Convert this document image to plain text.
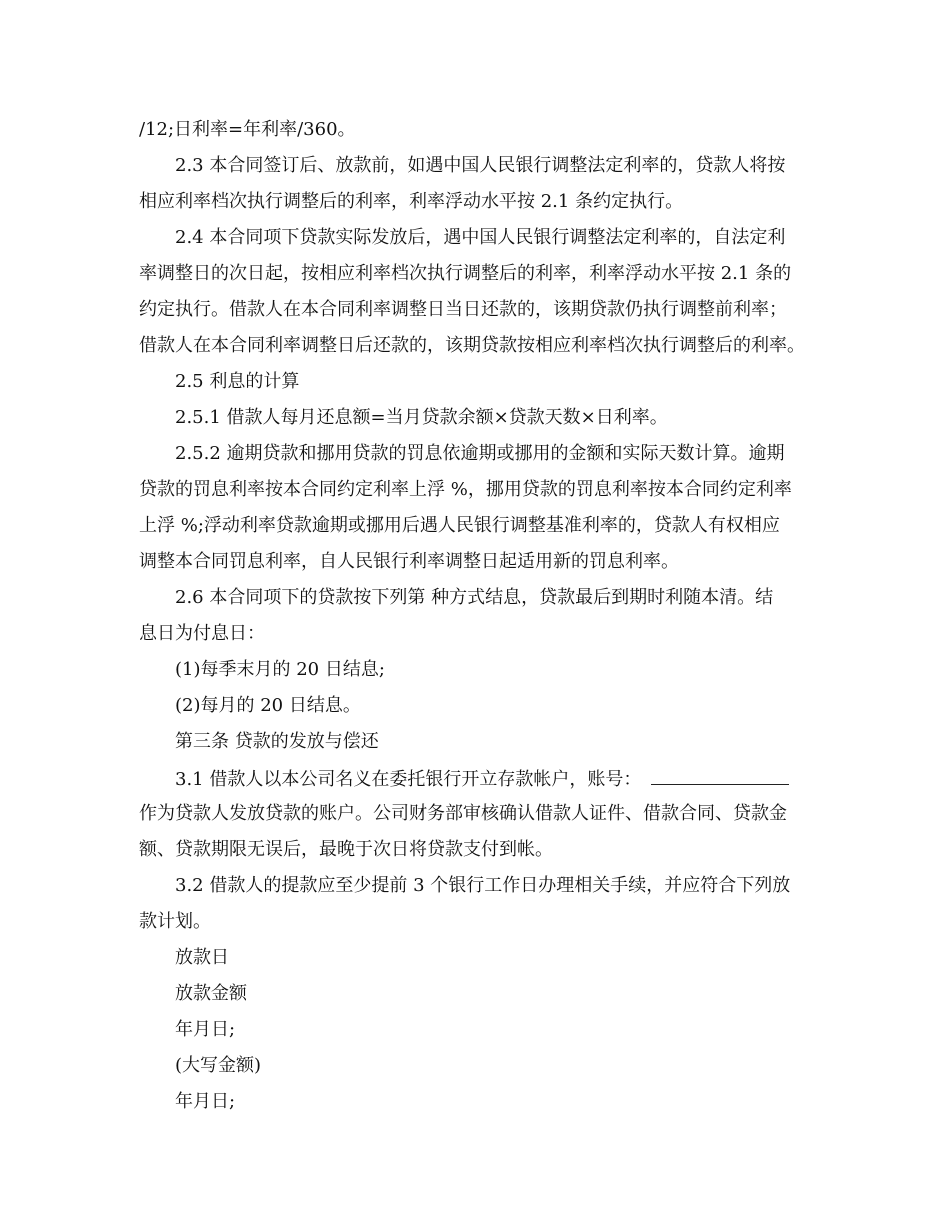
/12;日利率=年利率/360。
2.3 本合同签订后、放款前，如遇中国人民银行调整法定利率的，贷款人将按
相应利率档次执行调整后的利率，利率浮动水平按 2.1 条约定执行。
2.4 本合同项下贷款实际发放后，遇中国人民银行调整法定利率的，自法定利
率调整日的次日起，按相应利率档次执行调整后的利率，利率浮动水平按 2.1 条的
约定执行。借款人在本合同利率调整日当日还款的，该期贷款仍执行调整前利率；
借款人在本合同利率调整日后还款的，该期贷款按相应利率档次执行调整后的利率。
2.5 利息的计算
2.5.1 借款人每月还息额=当月贷款余额×贷款天数×日利率。
2.5.2 逾期贷款和挪用贷款的罚息依逾期或挪用的金额和实际天数计算。逾期
贷款的罚息利率按本合同约定利率上浮 %，挪用贷款的罚息利率按本合同约定利率
上浮 %;浮动利率贷款逾期或挪用后遇人民银行调整基准利率的，贷款人有权相应
调整本合同罚息利率，自人民银行利率调整日起适用新的罚息利率。
2.6 本合同项下的贷款按下列第 种方式结息，贷款最后到期时利随本清。结
息日为付息日：
(1)每季末月的 20 日结息;
(2)每月的 20 日结息。
第三条 贷款的发放与偿还
3.1 借款人以本公司名义在委托银行开立存款帐户，账号：
作为贷款人发放贷款的账户。公司财务部审核确认借款人证件、借款合同、贷款金
额、贷款期限无误后，最晚于次日将贷款支付到帐。
3.2 借款人的提款应至少提前 3 个银行工作日办理相关手续，并应符合下列放
款计划。
放款日
放款金额
年月日;
(大写金额)
年月日;
